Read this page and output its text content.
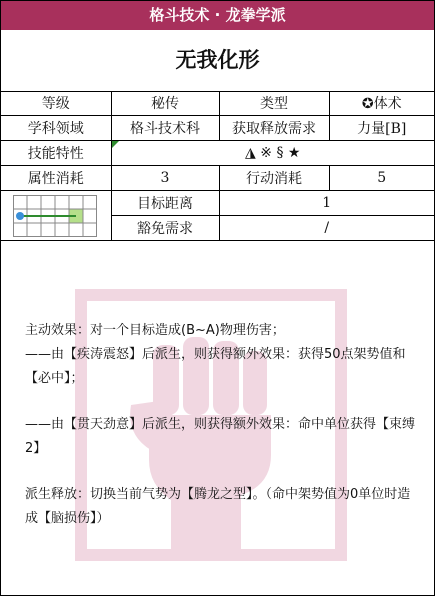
格斗技术 · 龙拳学派
无我化形
等级	秘传	类型	✪体术
学科领域	格斗技术科	获取释放需求	力量[B]
技能特性	◮ ※ § ★		
属性消耗	3	行动消耗	5

	目标距离	1	
	豁免需求	/	

主动效果：对一个目标造成(B~A)物理伤害；

——由【疾涛震怒】后派生，则获得额外效果：获得50点架势值和【必中】；

——由【贯天劲意】后派生，则获得额外效果：命中单位获得【束缚2】

派生释放：切换当前气势为【腾龙之型】。（命中架势值为0单位时造成【脑损伤】）
